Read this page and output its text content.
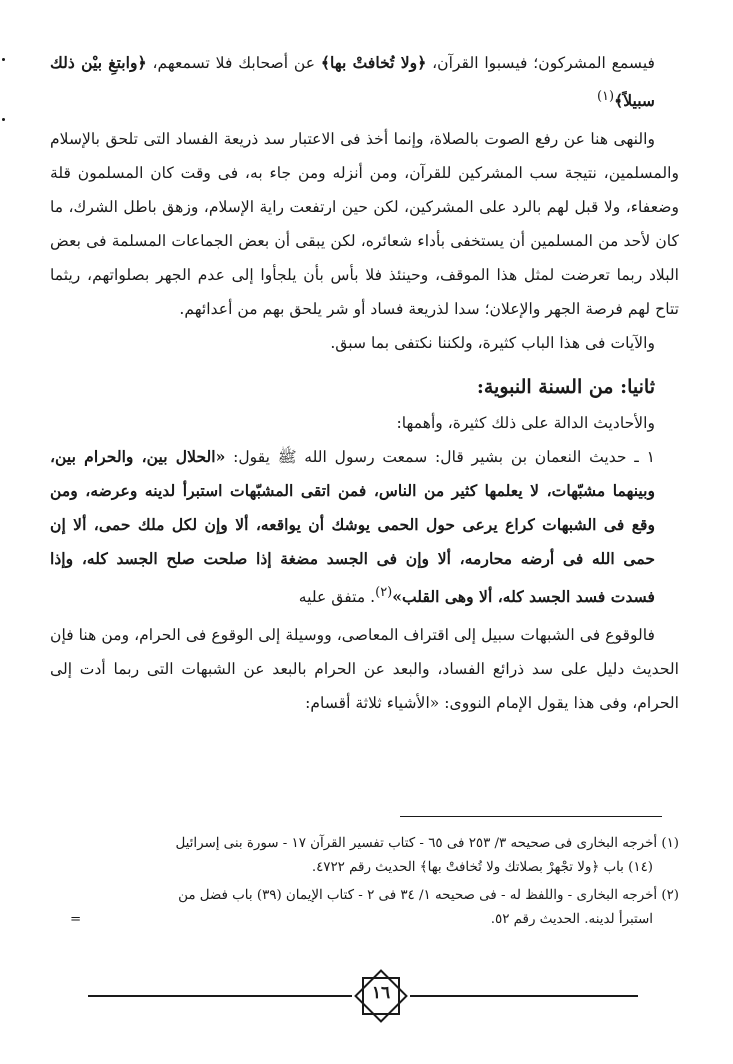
فيسمع المشركون؛ فيسبوا القرآن، ﴿ولا تُخافتْ بها﴾ عن أصحابك فلا تسمعهم، ﴿وابتغِ بيْن ذلك سبيلاً﴾$^{(١)}$

والنهى هنا عن رفع الصوت بالصلاة، وإنما أخذ فى الاعتبار سد ذريعة الفساد التى تلحق بالإسلام والمسلمين، نتيجة سب المشركين للقرآن، ومن أنزله ومن جاء به، فى وقت كان المسلمون قلة وضعفاء، ولا قبل لهم بالرد على المشركين، لكن حين ارتفعت راية الإسلام، وزهق باطل الشرك، ما كان لأحد من المسلمين أن يستخفى بأداء شعائره، لكن يبقى أن بعض الجماعات المسلمة فى بعض البلاد ربما تعرضت لمثل هذا الموقف، وحينئذ فلا بأس بأن يلجأوا إلى عدم الجهر بصلواتهم، ريثما تتاح لهم فرصة الجهر والإعلان؛ سدا لذريعة فساد أو شر يلحق بهم من أعدائهم.

والآيات فى هذا الباب كثيرة، ولكننا نكتفى بما سبق.

ثانيا: من السنة النبوية:

والأحاديث الدالة على ذلك كثيرة، وأهمها:

١ ـ حديث النعمان بن بشير قال: سمعت رسول الله ﷺ يقول: «الحلال بين، والحرام بين، وبينهما مشبّهات، لا يعلمها كثير من الناس، فمن اتقى المشبّهات استبرأ لدينه وعرضه، ومن وقع فى الشبهات كراع يرعى حول الحمى يوشك أن يواقعه، ألا وإن لكل ملك حمى، ألا إن حمى الله فى أرضه محارمه، ألا وإن فى الجسد مضغة إذا صلحت صلح الجسد كله، وإذا فسدت فسد الجسد كله، ألا وهى القلب»$^{(٢)}$. متفق عليه

فالوقوع فى الشبهات سبيل إلى اقتراف المعاصى، ووسيلة إلى الوقوع فى الحرام، ومن هنا فإن الحديث دليل على سد ذرائع الفساد، والبعد عن الحرام بالبعد عن الشبهات التى ربما أدت إلى الحرام، وفى هذا يقول الإمام النووى: «الأشياء ثلاثة أقسام:

(١) أخرجه البخارى فى صحيحه ٣/ ٢٥٣ فى ٦٥ - كتاب تفسير القرآن ١٧ - سورة بنى إسرائيل
(١٤) باب ﴿ولا تجْهرْ بصلاتك ولا تُخافتْ بها﴾ الحديث رقم ٤٧٢٢.

(٢) أخرجه البخارى - واللفظ له - فى صحيحه ١/ ٣٤ فى ٢ - كتاب الإيمان (٣٩) باب فضل من
استبرأ لدينه. الحديث رقم ٥٢.
=

١٦
